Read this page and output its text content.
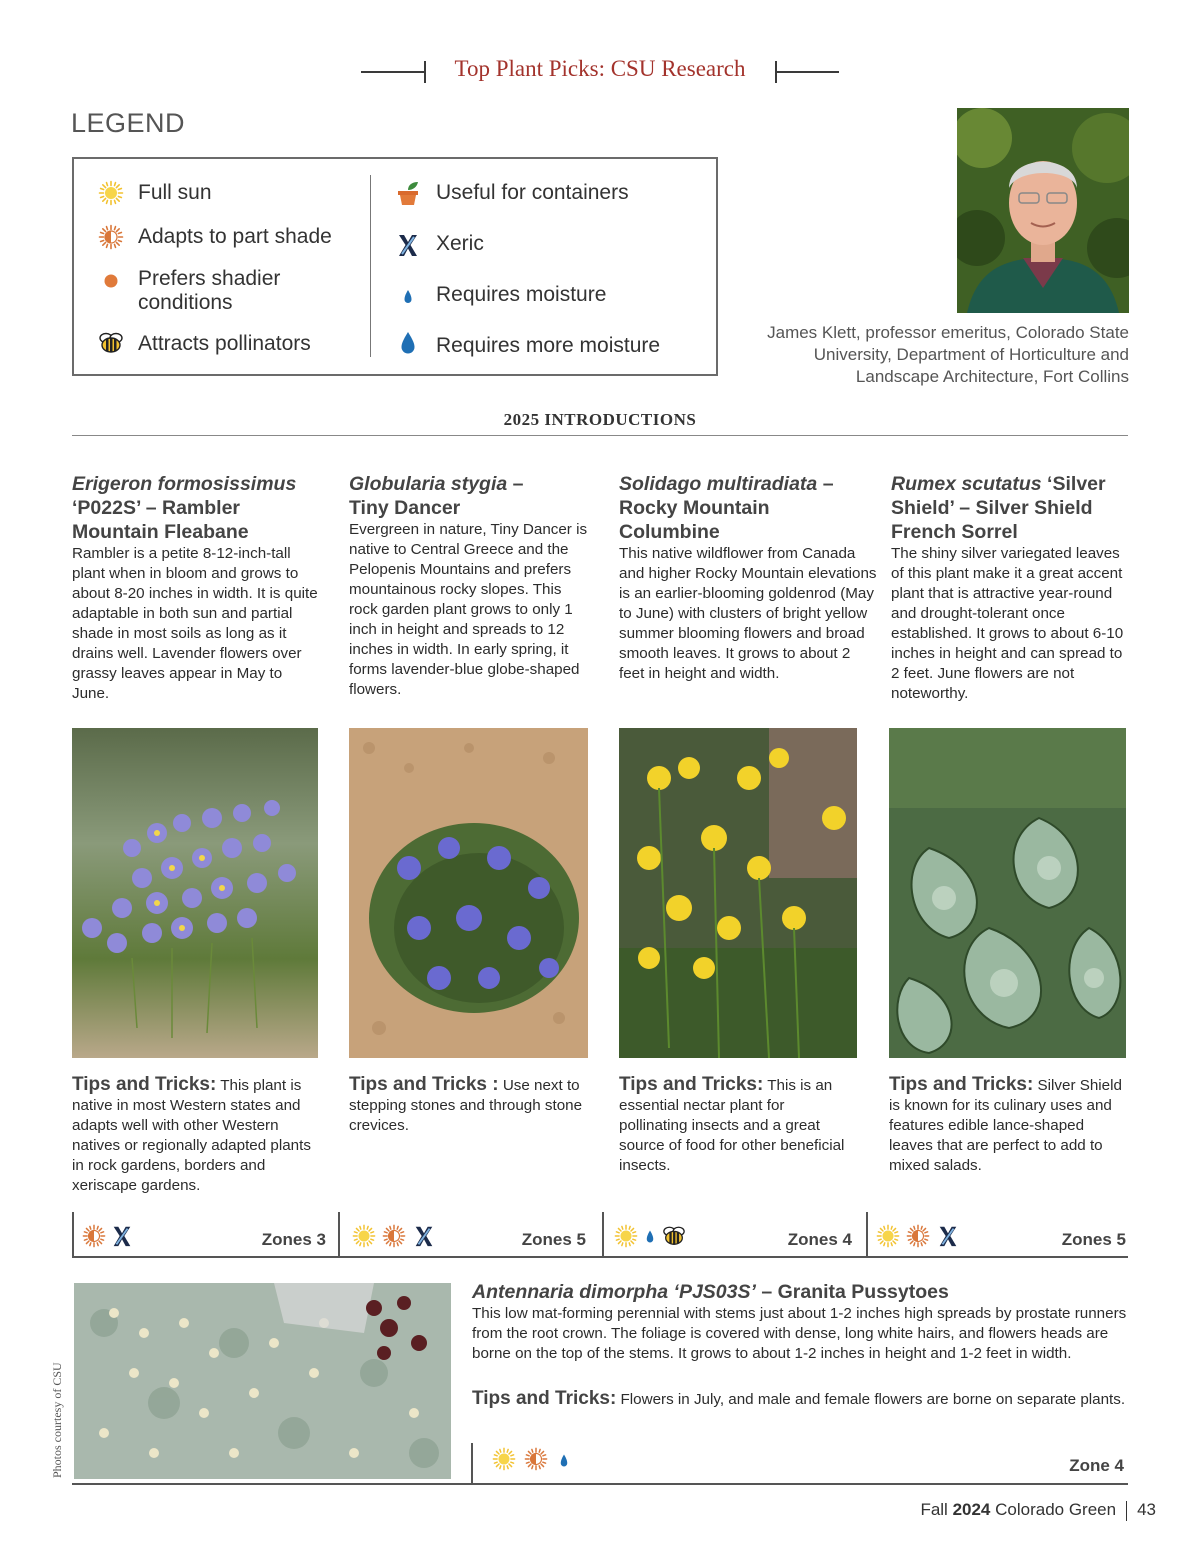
Top Plant Picks: CSU Research
LEGEND
Full sun
Adapts to part shade
Prefers shadier
conditions
Attracts pollinators
Useful for containers
Xeric
Requires moisture
Requires more moisture
James Klett, professor emeritus, Colorado State
University, Department of Horticulture and
Landscape Architecture, Fort Collins
2025 INTRODUCTIONS
Erigeron formosissimus
‘P022S’ – Rambler
Mountain Fleabane
Rambler is a petite 8-12-inch-tall plant when in bloom and grows to about 8-20 inches in width. It is quite adaptable in both sun and partial shade in most soils as long as it drains well. Lavender flowers over grassy leaves appear in May to June.
Tips and Tricks: This plant is native in most Western states and adapts well with other Western natives or regionally adapted plants in rock gardens, borders and xeriscape gardens.
Zones 3
Globularia stygia –
Tiny Dancer
Evergreen in nature, Tiny Dancer is native to Central Greece and the Pelopenis Mountains and prefers mountainous rocky slopes. This rock garden plant grows to only 1 inch in height and spreads to 12 inches in width. In early spring, it forms lavender-blue globe-shaped flowers.
Tips and Tricks : Use next to stepping stones and through stone crevices.
Zones 5
Solidago multiradiata –
Rocky Mountain Columbine
This native wildflower from Canada and higher Rocky Mountain elevations is an earlier-blooming goldenrod (May to June) with clusters of bright yellow summer blooming flowers and broad smooth leaves. It grows to about 2 feet in height and width.
Tips and Tricks: This is an essential nectar plant for pollinating insects and a great source of food for other beneficial insects.
Zones 4
Rumex scutatus ‘Silver
Shield’ – Silver Shield
French Sorrel
The shiny silver variegated leaves of this plant make it a great accent plant that is attractive year-round and drought-tolerant once established. It grows to about 6-10 inches in height and can spread to 2 feet. June flowers are not noteworthy.
Tips and Tricks: Silver Shield is known for its culinary uses and features edible lance-shaped leaves that are perfect to add to mixed salads.
Zones 5
Antennaria dimorpha ‘PJS03S’ – Granita Pussytoes
This low mat-forming perennial with stems just about 1-2 inches high spreads by prostate runners from the root crown. The foliage is covered with dense, long white hairs, and flowers heads are borne on the top of the stems. It grows to about 1-2 inches in height and 1-2 feet in width.
Tips and Tricks: Flowers in July, and male and female flowers are borne on separate plants.
Zone 4
Photos courtesy of CSU
Fall 2024 Colorado Green 43
